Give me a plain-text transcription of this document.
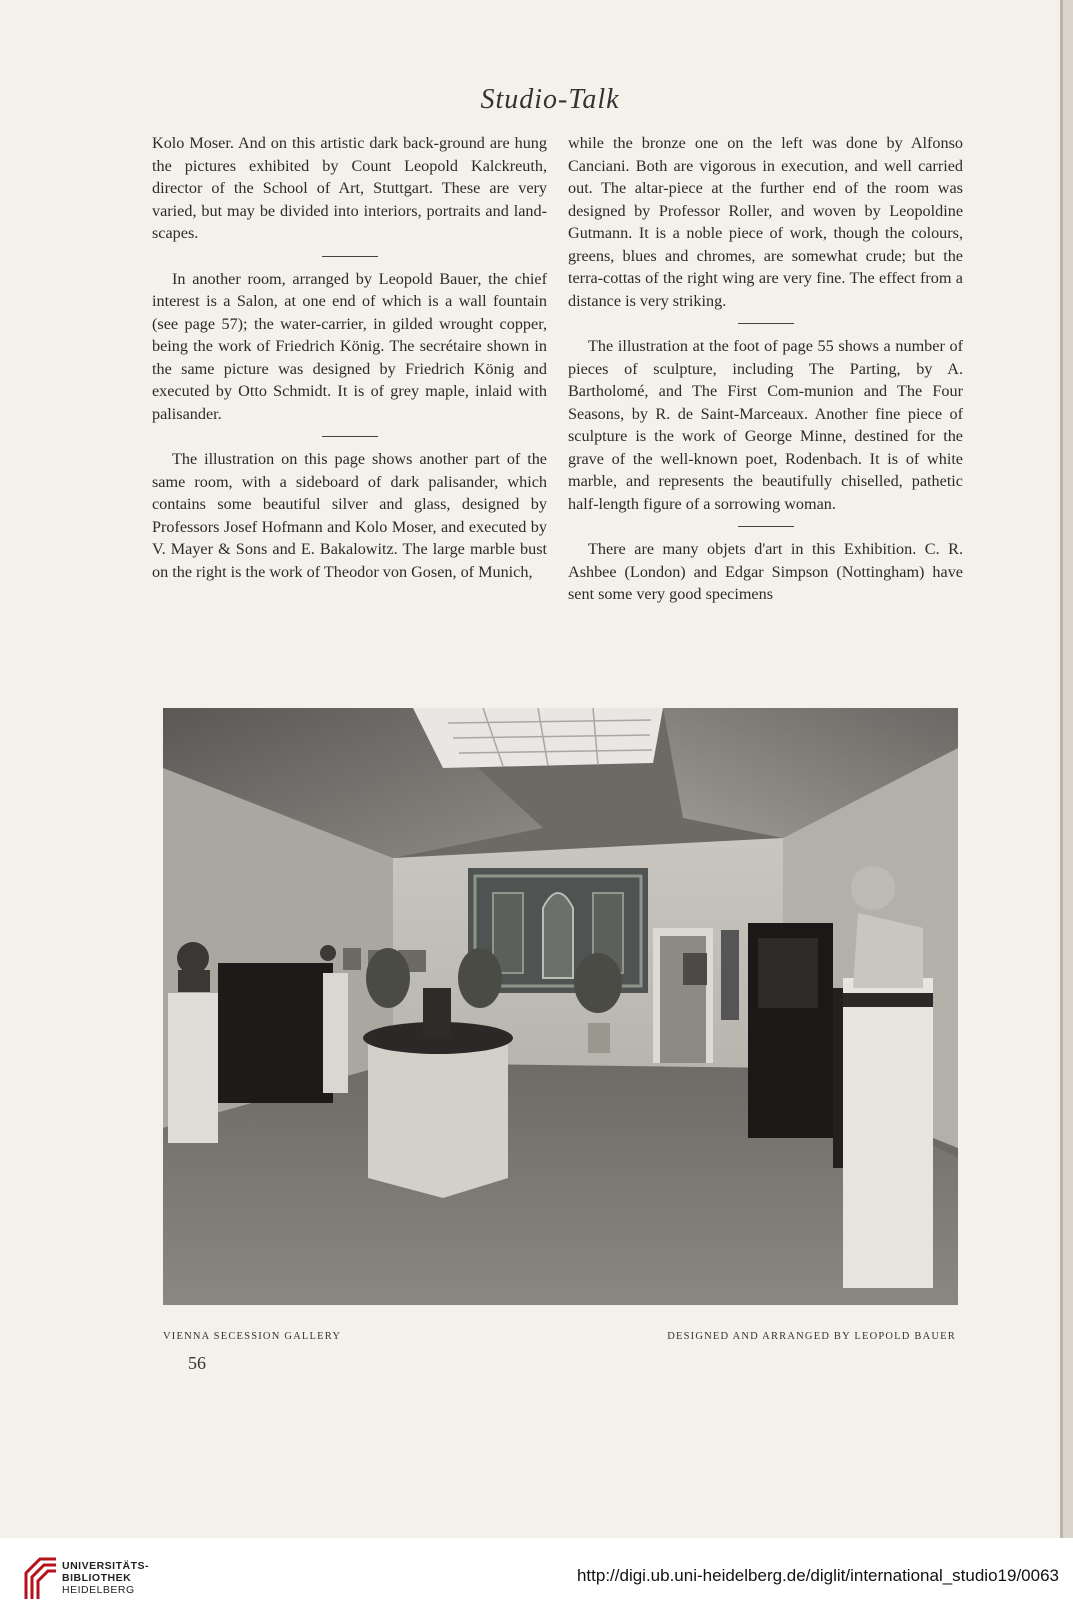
Studio-Talk

Kolo Moser. And on this artistic dark back-ground are hung the pictures exhibited by Count Leopold Kalckreuth, director of the School of Art, Stuttgart. These are very varied, but may be divided into interiors, portraits and land-scapes.

In another room, arranged by Leopold Bauer, the chief interest is a Salon, at one end of which is a wall fountain (see page 57); the water-carrier, in gilded wrought copper, being the work of Friedrich König. The secrétaire shown in the same picture was designed by Friedrich König and executed by Otto Schmidt. It is of grey maple, inlaid with palisander.

The illustration on this page shows another part of the same room, with a sideboard of dark palisander, which contains some beautiful silver and glass, designed by Professors Josef Hofmann and Kolo Moser, and executed by V. Mayer & Sons and E. Bakalowitz. The large marble bust on the right is the work of Theodor von Gosen, of Munich,

while the bronze one on the left was done by Alfonso Canciani. Both are vigorous in execution, and well carried out. The altar-piece at the further end of the room was designed by Professor Roller, and woven by Leopoldine Gutmann. It is a noble piece of work, though the colours, greens, blues and chromes, are somewhat crude; but the terra-cottas of the right wing are very fine. The effect from a distance is very striking.

The illustration at the foot of page 55 shows a number of pieces of sculpture, including The Parting, by A. Bartholomé, and The First Com-munion and The Four Seasons, by R. de Saint-Marceaux. Another fine piece of sculpture is the work of George Minne, destined for the grave of the well-known poet, Rodenbach. It is of white marble, and represents the beautifully chiselled, pathetic half-length figure of a sorrowing woman.

There are many objets d'art in this Exhibition. C. R. Ashbee (London) and Edgar Simpson (Nottingham) have sent some very good specimens

VIENNA SECESSION GALLERY	DESIGNED AND ARRANGED BY LEOPOLD BAUER
56
UNIVERSITÄTS-
BIBLIOTHEK
HEIDELBERG
http://digi.ub.uni-heidelberg.de/diglit/international_studio19/0063
